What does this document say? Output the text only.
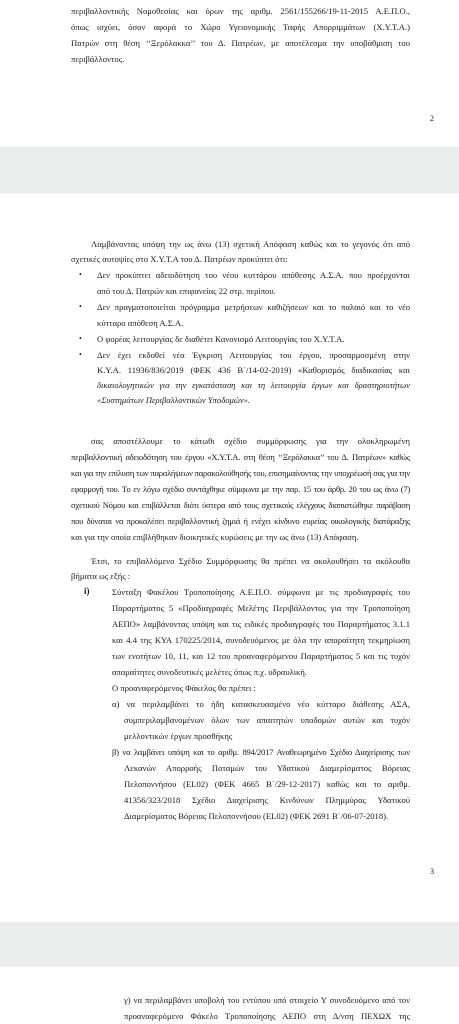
περιβαλλοντικής Νομοθεσίας και όρων της αριθμ. 2561/155266/19-11-2015 Α.Ε.Π.Ο.,
όπως ισχύει, όσον αφορά το Χώρο Υγειονομικής Ταφής Απορριμμάτων (Χ.Υ.Τ.Α.)
Πατρών στη θέση ‘‘Ξερόλακκα’’ του Δ. Πατρέων, με αποτέλεσμα την υποβάθμιση του
περιβάλλοντος.
2
Λαμβάνοντας υπόψη την ως άνω (13) σχετική Απόφαση καθώς και το γεγονός ότι από
σχετικές αυτοψίες στο Χ.Υ.Τ.Α του Δ. Πατρέων προκύπτει ότι:
• Δεν προκύπτει αδειοδότηση του νέου κυττάρου απόθεσης Α.Σ.Α. που προέρχονται
από του Δ. Πατρών και επιφανείας 22 στρ. περίπου.
• Δεν πραγματοποιείται πρόγραμμα μετρήσεων καθιζήσεων και το παλαιό και το νέο
κύτταρο απόθεση Α.Σ.Α.
• Ο φορέας λειτουργίας δε διαθέτει Κανονισμό Λειτουργίας του Χ.Υ.Τ.Α.
• Δεν έχει εκδοθεί νέα Έγκριση Λειτουργίας του έργου, προσαρμοσμένη στην
Κ.Υ.Α. 11936/836/2019 (ΦΕΚ 436 Β΄/14-02-2019) «Καθορισμός διαδικασίας και
δικαιολογητικών για την εγκατάσταση και τη λειτουργία έργων και δραστηριοτήτων
«Συστημάτων Περιβαλλοντικών Υποδομών».
σας αποστέλλουμε το κάτωθι σχέδιο συμμόρφωσης για την ολοκληρωμένη
περιβαλλοντική αδειοδότηση του έργου «Χ.Υ.Τ.Α. στη θέση ‘‘Ξερόλακκα’’ του Δ. Πατρέων» καθώς
και για την επίλυση των παραλήψεων παρακολούθησής του, επισημαίνοντας την υποχρέωσή σας για την
εφαρμογή του. Το εν λόγω σχέδιο συντάχθηκε σύμφωνα με την παρ. 15 του άρθρ. 20 του ως άνω (7)
σχετικού Νόμου και επιβάλλεται διότι ύστερα από τους σχετικούς ελέγχους διαπιστώθηκε παράβαση
που δύναται να προκαλέσει περιβαλλοντική ζημιά ή ενέχει κίνδυνο ευρείας οικολογικής διατάραξης
και για την οποία επιβλήθηκαν διοικητικές κυρώσεις με την ως άνω (13) Απόφαση.
Έτσι, το επιβαλλόμενο Σχέδιο Συμμόρφωσης θα πρέπει να ακολουθήσει τα ακόλουθα
βήματα ως εξής :
i)	Σύνταξη Φακέλου Τροποποίησης Α.Ε.Π.Ο. σύμφωνα με τις προδιαγραφές του
Παραρτήματος 5 «Προδιαγραφές Μελέτης Περιβάλλοντος για την Τροποποίηση
ΑΕΠΟ» λαμβάνοντας υπόψη και τις ειδικές προδιαγραφές του Παραρτήματος 3.1.1
και 4.4 της ΚΥΑ 170225/2014, συνοδευόμενος με όλα την απαραίτητη τεκμηρίωση
των ενοτήτων 10, 11, και 12 του προαναφερόμενου Παραρτήματος 5 και τις τυχόν
απαραίτητες συνοδευτικές μελέτες όπως π.χ. υδραυλική.
Ο προαναφερόμενος Φάκελος θα πρέπει :
α) να περιλαμβάνει το ήδη κατασκευασμένο νέο κύτταρο διάθεσης ΑΣΑ,
συμπεριλαμβανομένων όλων των απαιτητών υποδομών αυτών και τυχόν
μελλοντικών έργων προσθήκης
β) να λαμβάνει υπόψη και το αριθμ. 894/2017 Αναθεωρημένο Σχέδιο Διαχείρισης των
Λεκανών Απορροής Ποταμών του Υδατικού Διαμερίσματος Βόρειας
Πελοποννήσου (EL02) (ΦΕΚ 4665 Β΄/29-12-2017) καθώς και το αριθμ.
41356/323/2018 Σχέδιο Διαχείρισης Κινδύνων Πλημμύρας Υδατικού
Διαμερίσματος Βόρειας Πελοποννήσου (EL02) (ΦΕΚ 2691 Β΄/06-07-2018).
3
γ) να περιλαμβάνει υποβολή του εντύπου υπό στοιχείο Υ συνοδευόμενο από τον
προαναφερόμενο Φάκελο Τροποποίησης ΑΕΠΟ στη Δ/νση ΠΕΧΩΧ της
